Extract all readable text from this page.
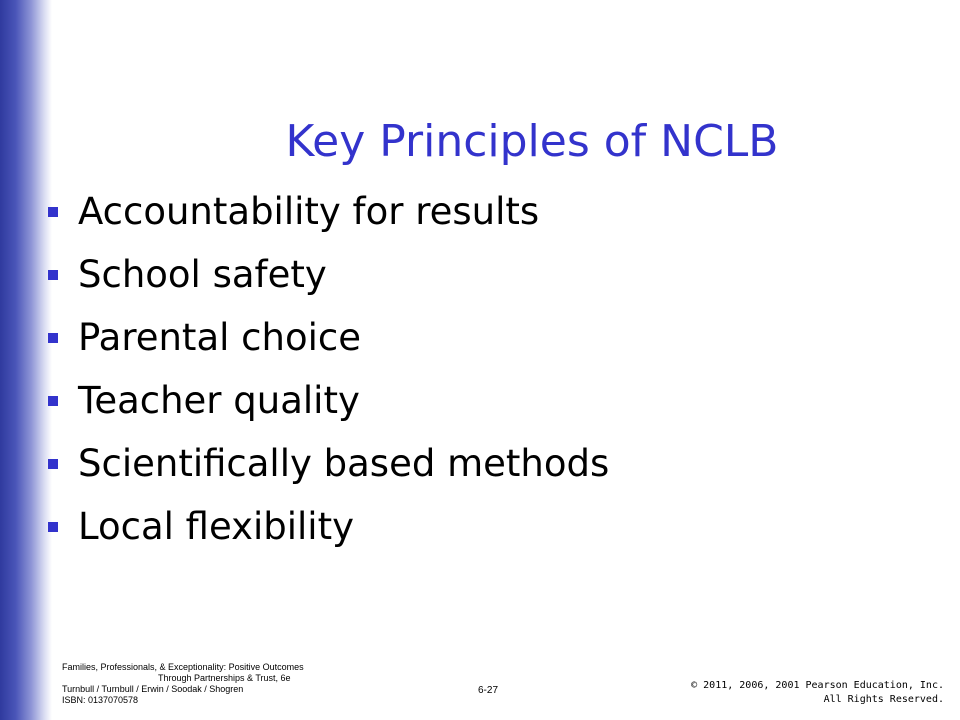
Key Principles of NCLB
Accountability for results
School safety
Parental choice
Teacher quality
Scientifically based methods
Local flexibility
Families, Professionals, & Exceptionality: Positive Outcomes
Through Partnerships & Trust, 6e
Turnbull / Turnbull / Erwin / Soodak / Shogren
ISBN: 0137070578
6-27	© 2011, 2006, 2001 Pearson Education, Inc.
All Rights Reserved.
